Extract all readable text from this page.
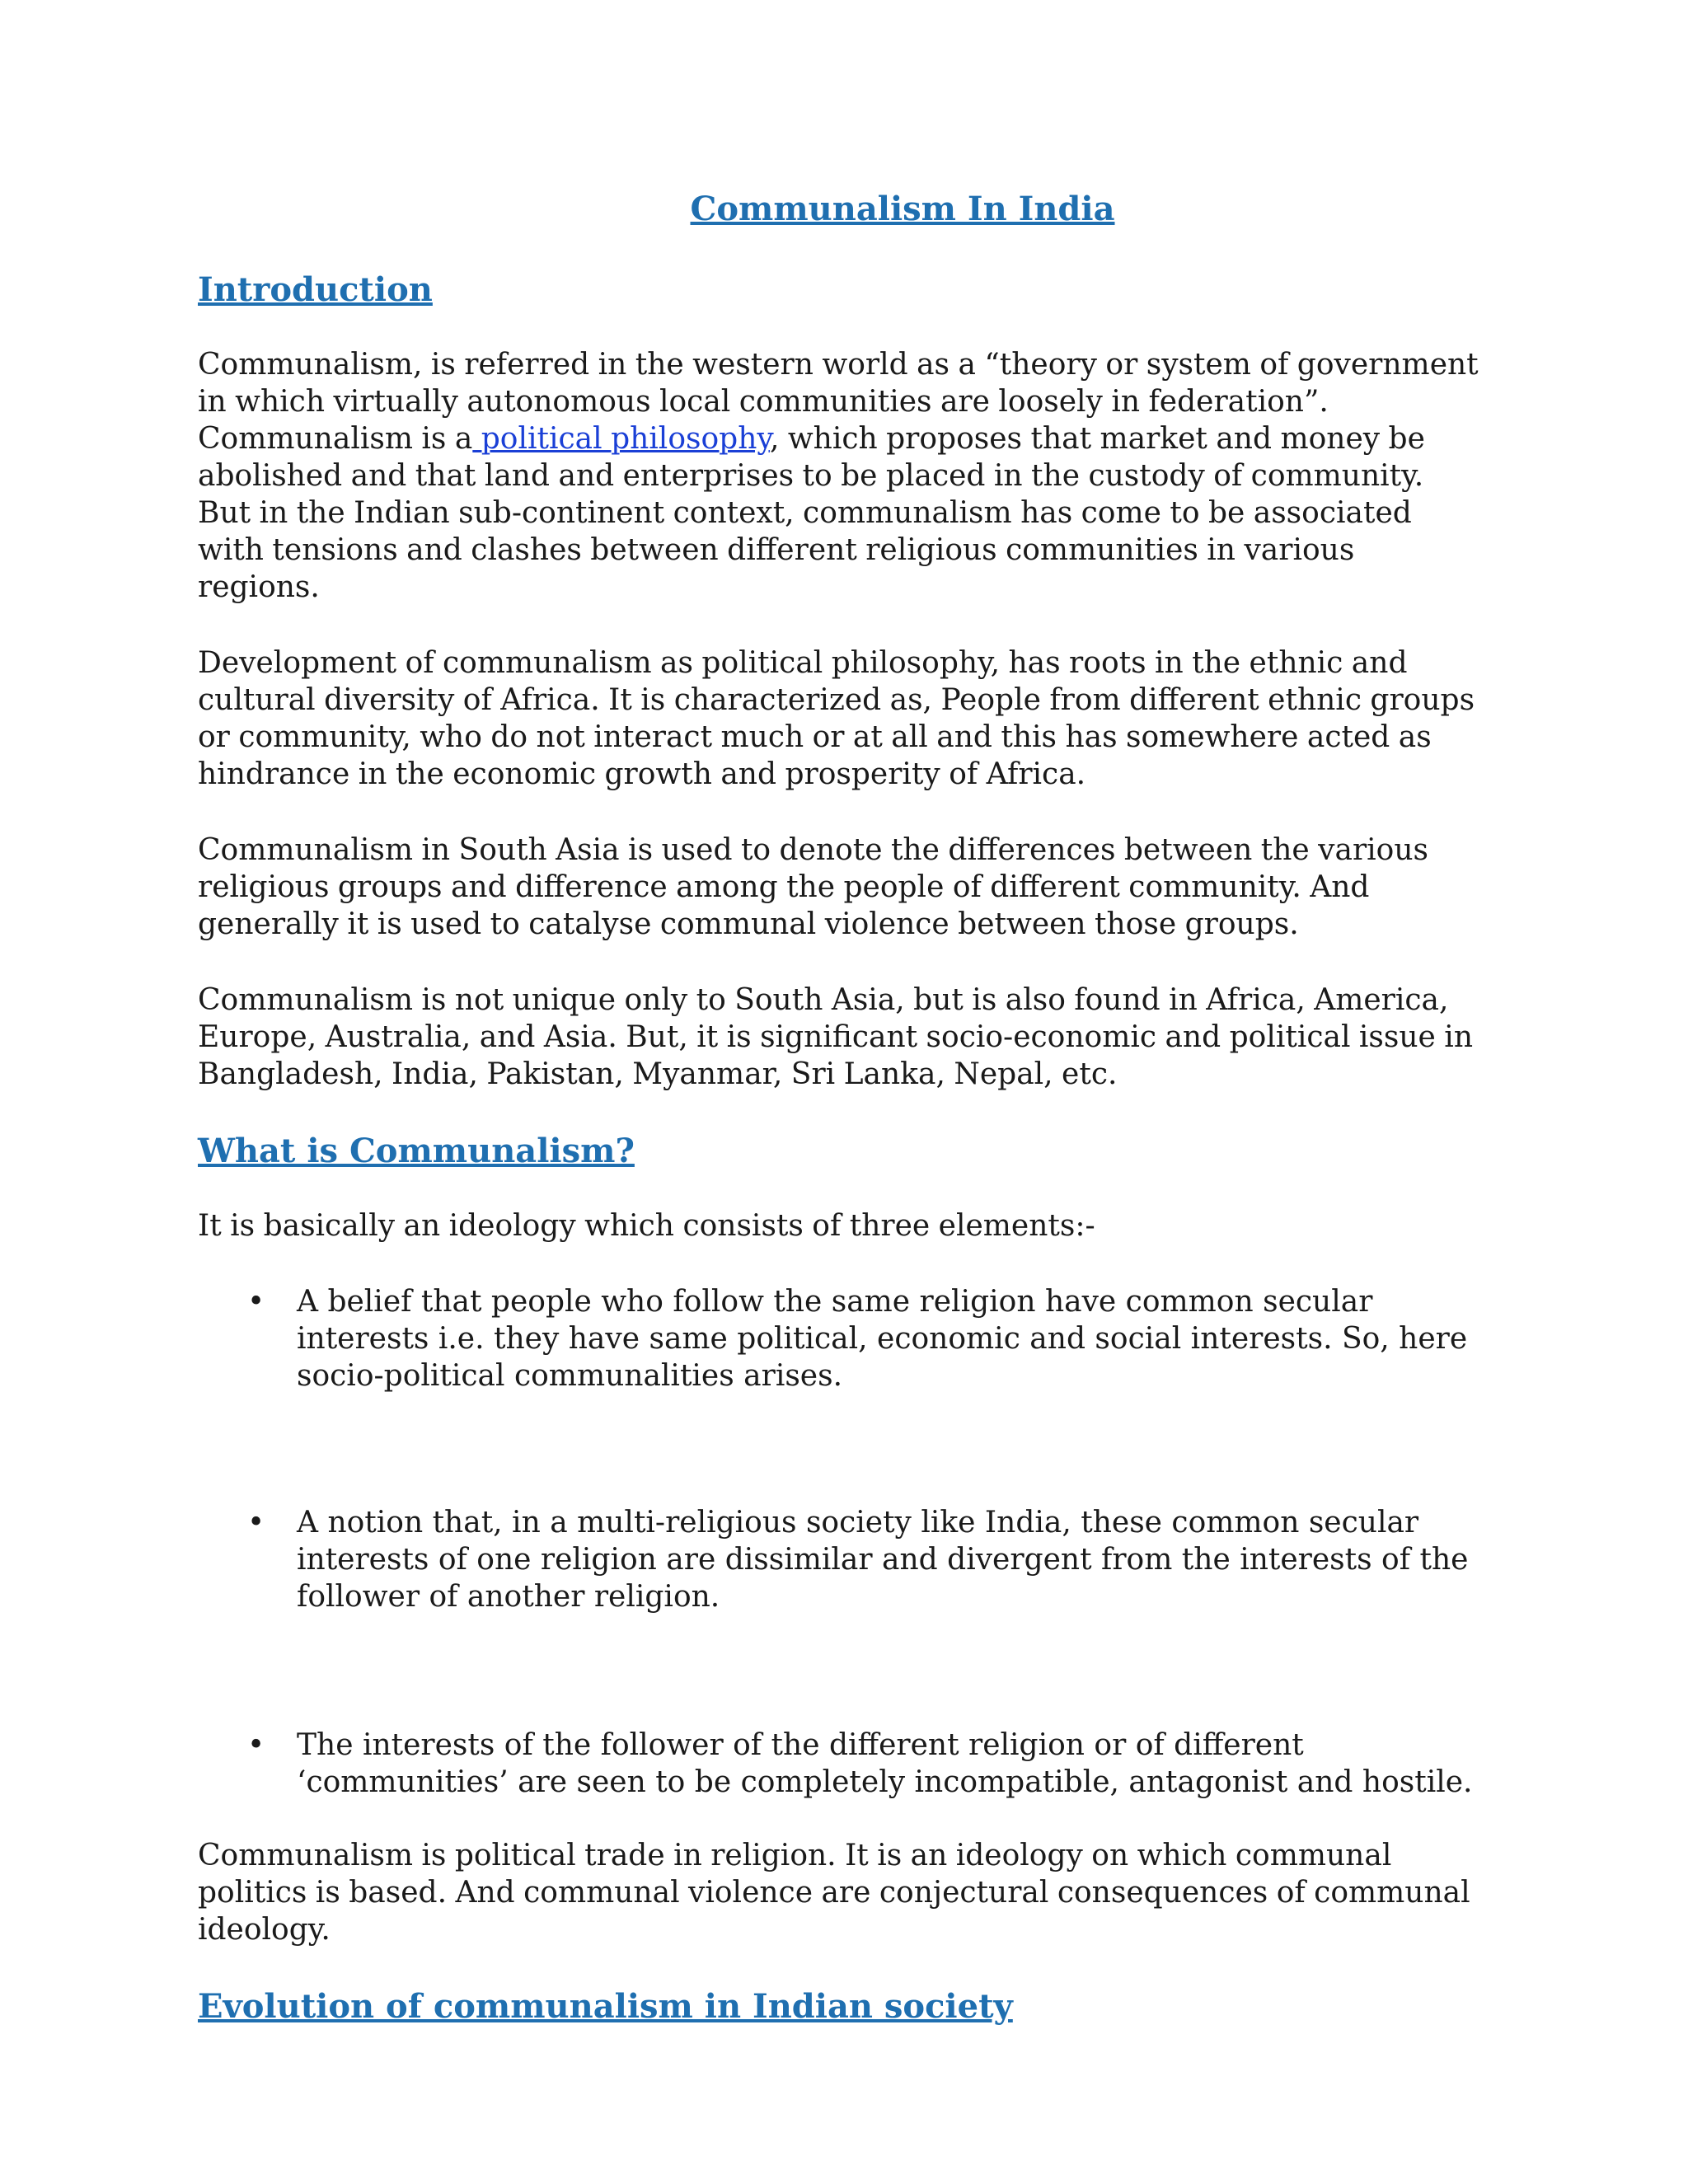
Communalism In India
Introduction

Communalism, is referred in the western world as a “theory or system of government in which virtually autonomous local communities are loosely in federation”. Communalism is a political philosophy, which proposes that market and money be abolished and that land and enterprises to be placed in the custody of community. But in the Indian sub-continent context, communalism has come to be associated with tensions and clashes between different religious communities in various regions.

Development of communalism as political philosophy, has roots in the ethnic and cultural diversity of Africa. It is characterized as, People from different ethnic groups or community, who do not interact much or at all and this has somewhere acted as hindrance in the economic growth and prosperity of Africa.

Communalism in South Asia is used to denote the differences between the various religious groups and difference among the people of different community. And generally it is used to catalyse communal violence between those groups.

Communalism is not unique only to South Asia, but is also found in Africa, America, Europe, Australia, and Asia. But, it is significant socio-economic and political issue in Bangladesh, India, Pakistan, Myanmar, Sri Lanka, Nepal, etc.

What is Communalism?

It is basically an ideology which consists of three elements:-

• A belief that people who follow the same religion have common secular interests i.e. they have same political, economic and social interests. So, here socio-political communalities arises.
• A notion that, in a multi-religious society like India, these common secular interests of one religion are dissimilar and divergent from the interests of the follower of another religion.
• The interests of the follower of the different religion or of different ‘communities’ are seen to be completely incompatible, antagonist and hostile.

Communalism is political trade in religion. It is an ideology on which communal politics is based. And communal violence are conjectural consequences of communal ideology.

Evolution of communalism in Indian society
